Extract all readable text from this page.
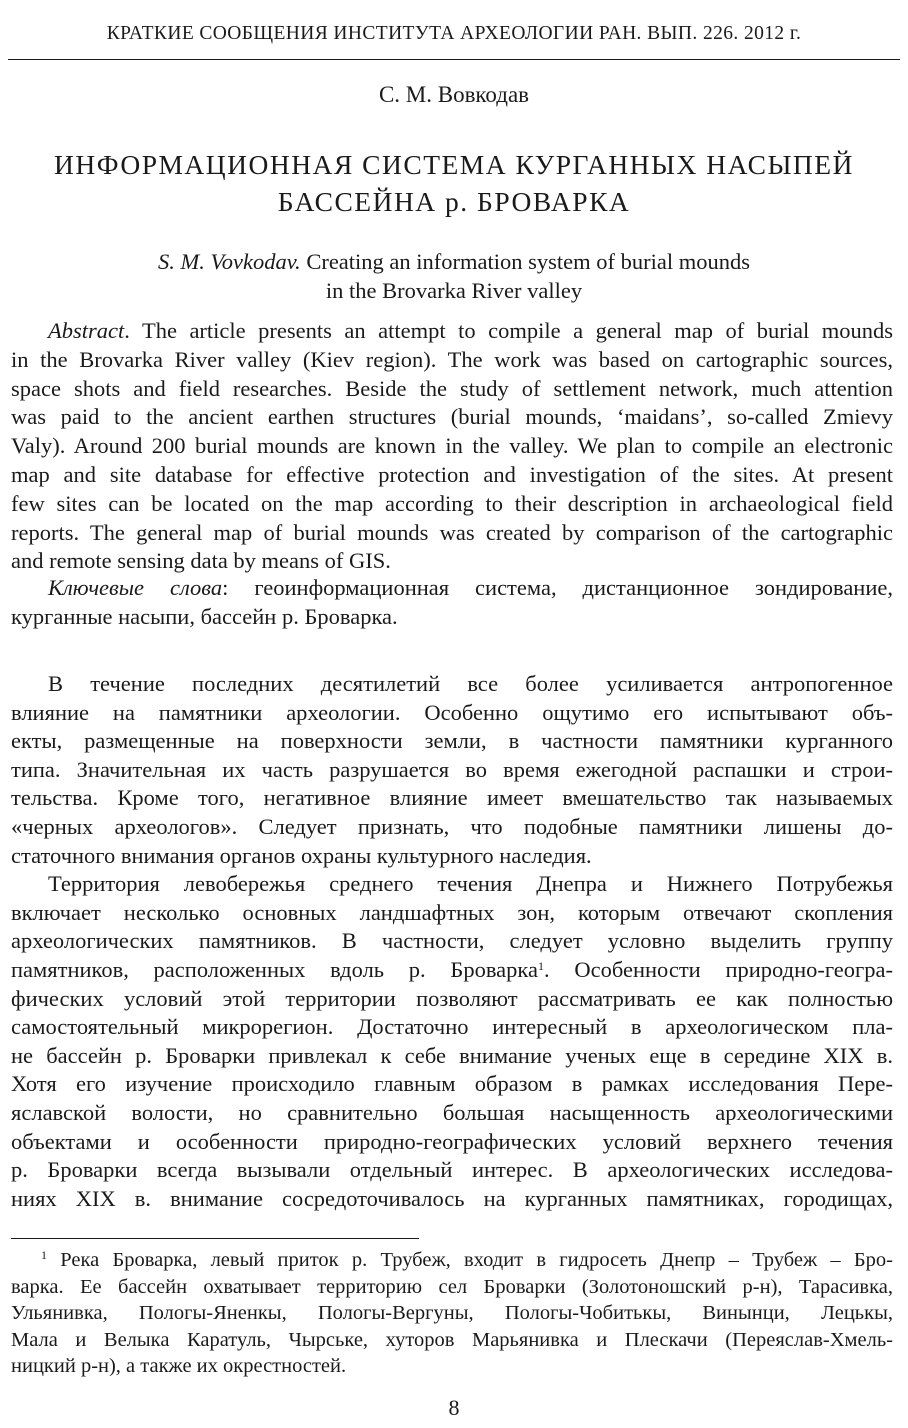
КРАТКИЕ СООБЩЕНИЯ ИНСТИТУТА АРХЕОЛОГИИ РАН. ВЫП. 226. 2012 г.
С. М. Вовкодав
ИНФОРМАЦИОННАЯ СИСТЕМА КУРГАННЫХ НАСЫПЕЙ
БАССЕЙНА р. БРОВАРКА
S. M. Vovkodav. Creating an information system of burial mounds
in the Brovarka River valley
Abstract. The article presents an attempt to compile a general map of burial mounds
in the Brovarka River valley (Kiev region). The work was based on cartographic sources,
space shots and field researches. Beside the study of settlement network, much attention
was paid to the ancient earthen structures (burial mounds, ‘maidans’, so-called Zmievy
Valy). Around 200 burial mounds are known in the valley. We plan to compile an electronic
map and site database for effective protection and investigation of the sites. At present
few sites can be located on the map according to their description in archaeological field
reports. The general map of burial mounds was created by comparison of the cartographic
and remote sensing data by means of GIS.
Ключевые слова: геоинформационная система, дистанционное зондирование,
курганные насыпи, бассейн р. Броварка.
В течение последних десятилетий все более усиливается антропогенное
влияние на памятники археологии. Особенно ощутимо его испытывают объ-
екты, размещенные на поверхности земли, в частности памятники курганного
типа. Значительная их часть разрушается во время ежегодной распашки и строи-
тельства. Кроме того, негативное влияние имеет вмешательство так называемых
«черных археологов». Следует признать, что подобные памятники лишены до-
статочного внимания органов охраны культурного наследия.
Территория левобережья среднего течения Днепра и Нижнего Потрубежья
включает несколько основных ландшафтных зон, которым отвечают скопления
археологических памятников. В частности, следует условно выделить группу
памятников, расположенных вдоль р. Броварка$^1$. Особенности природно-геогра-
фических условий этой территории позволяют рассматривать ее как полностью
самостоятельный микрорегион. Достаточно интересный в археологическом пла-
не бассейн р. Броварки привлекал к себе внимание ученых еще в середине XIX в.
Хотя его изучение происходило главным образом в рамках исследования Пере-
яславской волости, но сравнительно большая насыщенность археологическими
объектами и особенности природно-географических условий верхнего течения
р. Броварки всегда вызывали отдельный интерес. В археологических исследова-
ниях XIX в. внимание сосредоточивалось на курганных памятниках, городищах,
$^1$ Река Броварка, левый приток р. Трубеж, входит в гидросеть Днепр – Трубеж – Бро-
варка. Ее бассейн охватывает территорию сел Броварки (Золотоношский р-н), Тарасивка,
Ульянивка, Пологы-Яненкы, Пологы-Вергуны, Пологы-Чобитькы, Винынци, Лецькы,
Мала и Велыка Каратуль, Чырське, хуторов Марьянивка и Плескачи (Переяслав-Хмель-
ницкий р-н), а также их окрестностей.
8
